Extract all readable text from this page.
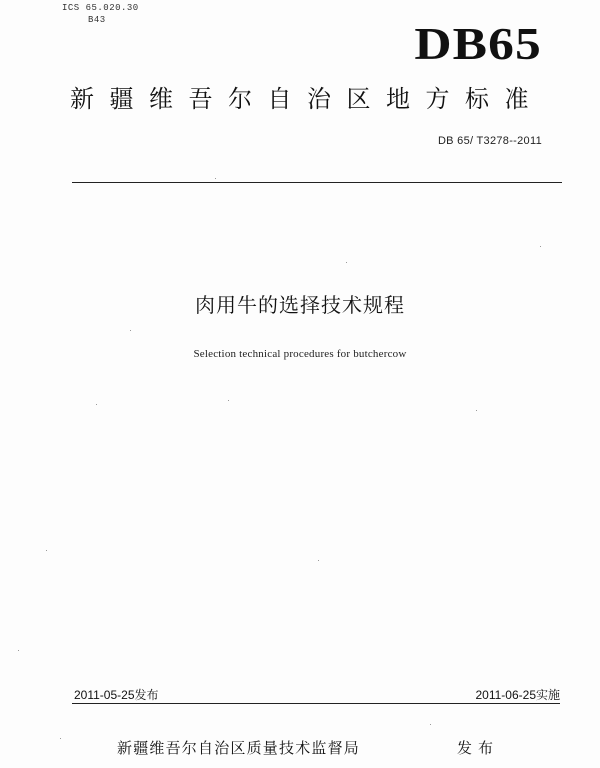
ICS 65.020.30
B43	DB65
新疆维吾尔自治区地方标准
DB 65/ T3278--2011
肉用牛的选择技术规程
Selection technical procedures for butchercow
2011-05-25发布	2011-06-25实施
新疆维吾尔自治区质量技术监督局	发布
